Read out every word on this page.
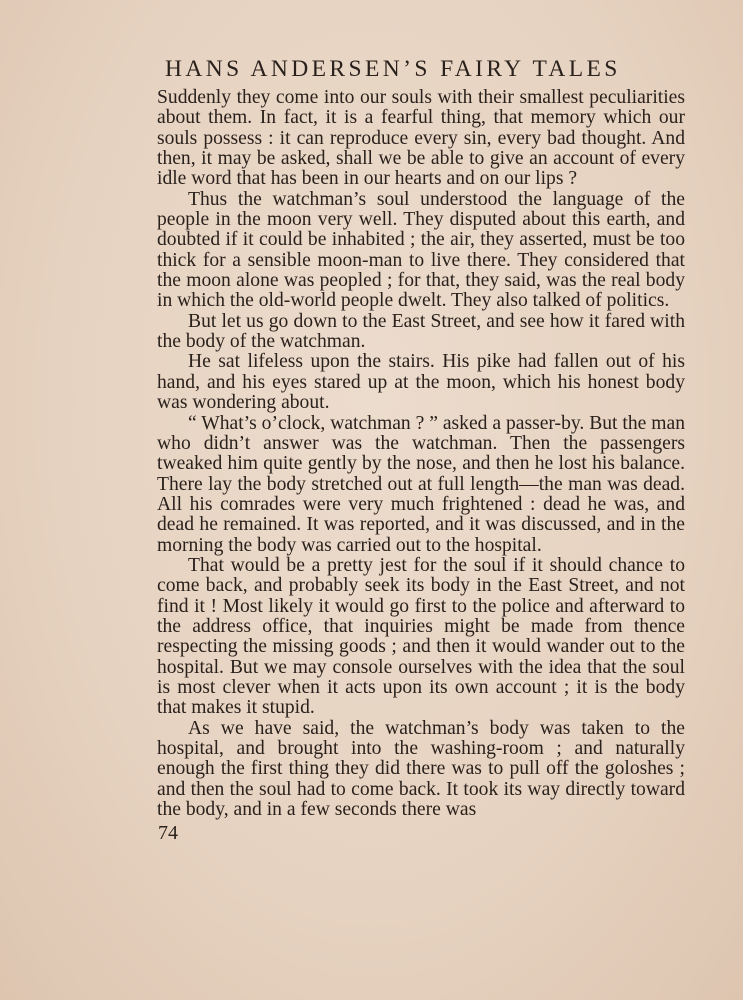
HANS ANDERSEN’S FAIRY TALES

Suddenly they come into our souls with their smallest peculiarities about them. In fact, it is a fearful thing, that memory which our souls possess : it can reproduce every sin, every bad thought. And then, it may be asked, shall we be able to give an account of every idle word that has been in our hearts and on our lips ?

Thus the watchman’s soul understood the language of the people in the moon very well. They disputed about this earth, and doubted if it could be inhabited ; the air, they asserted, must be too thick for a sensible moon-man to live there. They considered that the moon alone was peopled ; for that, they said, was the real body in which the old-world people dwelt. They also talked of politics.

But let us go down to the East Street, and see how it fared with the body of the watchman.

He sat lifeless upon the stairs. His pike had fallen out of his hand, and his eyes stared up at the moon, which his honest body was wondering about.

“ What’s o’clock, watchman ? ” asked a passer-by. But the man who didn’t answer was the watchman. Then the passengers tweaked him quite gently by the nose, and then he lost his balance. There lay the body stretched out at full length—the man was dead. All his comrades were very much frightened : dead he was, and dead he remained. It was reported, and it was discussed, and in the morning the body was carried out to the hospital.

That would be a pretty jest for the soul if it should chance to come back, and probably seek its body in the East Street, and not find it ! Most likely it would go first to the police and afterward to the address office, that inquiries might be made from thence respecting the missing goods ; and then it would wander out to the hospital. But we may console ourselves with the idea that the soul is most clever when it acts upon its own account ; it is the body that makes it stupid.

As we have said, the watchman’s body was taken to the hospital, and brought into the washing-room ; and naturally enough the first thing they did there was to pull off the goloshes ; and then the soul had to come back. It took its way directly toward the body, and in a few seconds there was

74
